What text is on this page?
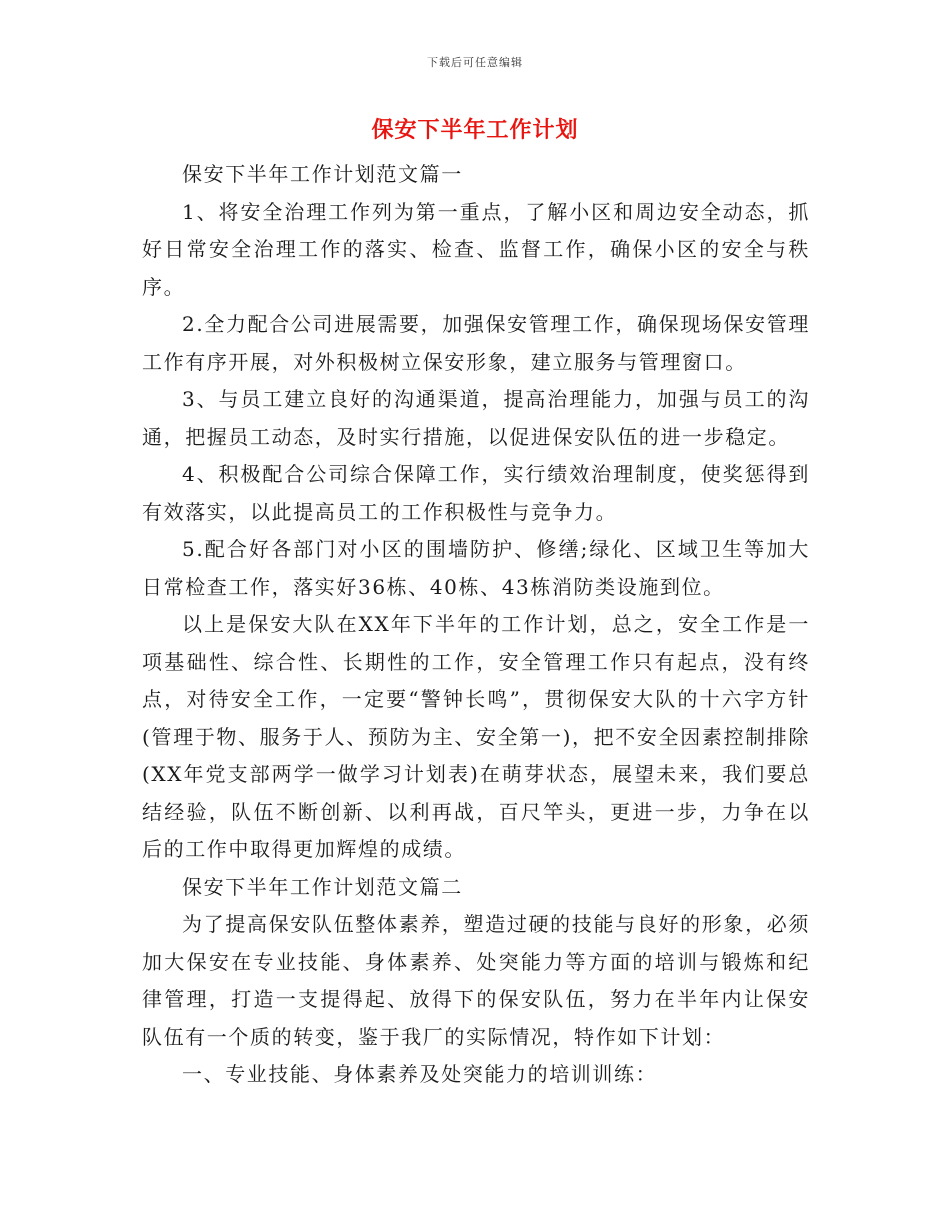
下载后可任意编辑
保安下半年工作计划

保安下半年工作计划范文篇一

1、将安全治理工作列为第一重点，了解小区和周边安全动态，抓好日常安全治理工作的落实、检查、监督工作，确保小区的安全与秩序。

2.全力配合公司进展需要，加强保安管理工作，确保现场保安管理工作有序开展，对外积极树立保安形象，建立服务与管理窗口。

3、与员工建立良好的沟通渠道，提高治理能力，加强与员工的沟通，把握员工动态，及时实行措施，以促进保安队伍的进一步稳定。

4、积极配合公司综合保障工作，实行绩效治理制度，使奖惩得到有效落实，以此提高员工的工作积极性与竞争力。

5.配合好各部门对小区的围墙防护、修缮;绿化、区域卫生等加大日常检查工作，落实好36栋、40栋、43栋消防类设施到位。

以上是保安大队在XX年下半年的工作计划，总之，安全工作是一项基础性、综合性、长期性的工作，安全管理工作只有起点，没有终点，对待安全工作，一定要“警钟长鸣”，贯彻保安大队的十六字方针(管理于物、服务于人、预防为主、安全第一)，把不安全因素控制排除(XX年党支部两学一做学习计划表)在萌芽状态，展望未来，我们要总结经验，队伍不断创新、以利再战，百尺竿头，更进一步，力争在以后的工作中取得更加辉煌的成绩。

保安下半年工作计划范文篇二

为了提高保安队伍整体素养，塑造过硬的技能与良好的形象，必须加大保安在专业技能、身体素养、处突能力等方面的培训与锻炼和纪律管理，打造一支提得起、放得下的保安队伍，努力在半年内让保安队伍有一个质的转变，鉴于我厂的实际情况，特作如下计划：

一、专业技能、身体素养及处突能力的培训训练：
